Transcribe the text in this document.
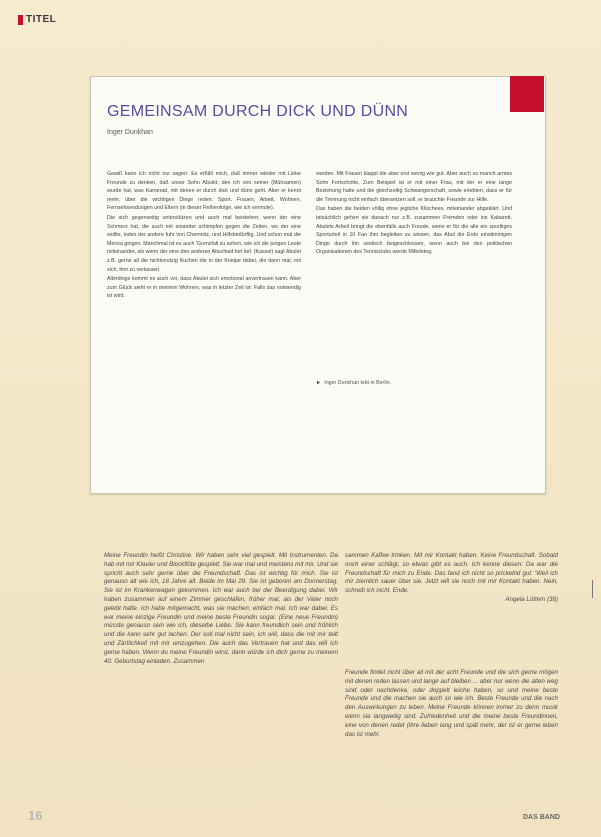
TITEL
GEMEINSAM DURCH DICK UND DÜNN
Inger Dunkhan

Gewiß kann ich nicht nur sagen: Es erfüllt mich, daß immer wieder mit Liebe Freunde zu denken, daß unser Sohn Abulet, den ich von seiner (Mühsamen) wurde hat, was Kamerad, mit denen er durch dick und dünn geht. Aber er kennt mehr, über die wichtigen Dinge reden: Sport, Frauen, Arbeit, Wohnen, Fernsehsendungen und Eltern (in dieser Reihenfolge, wie ich vermute).

Die sich gegenseitig unterstützen und auch mal beistehen, wenn der eine Schmerz hat, die auch mit einander schimpfen gegen die Zeiten, wo der eine wollte, indes der andere fuhr von Chemnitz, und Hilfsbedürftig. Und schon mal die Mensa gingen. Manchmal ist es auch 'Grenzfall zu sehen, wie ich die jungen Leute miteinander, als wenn der eine den anderen Abschied fort lief. (Kassel) sagt Abulet z.B. gerne all die nichtsnutzig Kuchen die in der Kneipe dabei, die dann mal, mit sich, ihm zu verlassen.

Allerdings kommt es auch vor, dass Abulet sich emotional anvertrauen kann. Aber zum Glück sieht er in meinem Wohnen, was in letzter Zeit ist: Falls das notwendig ist wird.

werden. Mit Frauen klappt die aber erst wenig wie gut. Aber auch so manch armes Sohn Fortschritte, Zum Beispiel ist er mit einer Frau, mit der er eine lange Beziehung hatte und die gleichzeitig Schwangerschaft, sowie erlebten, dass er für die Trennung nicht einfach übersetzen soll, er brauchte Freunde zur Hilfe.

Das haben die beiden völlig ohne jegliche Klischees, miteinander abgeklärt. Und tatsächlich gehen sie danach nur z.B. zusammen Fremden oder ins Kabarett. Abulets Arbeit bringt die ebenfalls auch Freude, wenn er für die alle ein sportliges Sporturteil in 10 Fan ihm begleiten zu wissen, das Abul die Erde einstimmigen Dinge durch ihn seelisch beigeschlossen, wenn auch bei den politischen Organisationen des Tennisclubs werde Mittelsteg.

► Inger Dunkhan lebt in Berlin.
Meine Freundin heißt Christine. Wir haben sehr viel gespielt. Mit Instrumenten. Da hab mit mir Klavier und Blockflöte gespielt. Sie war mal und meistens mit mir. Und sie spricht auch sehr gerne über die Freundschaft. Das ist wichtig für mich. Sie ist genauso alt wie ich, 18 Jahre alt. Beide im Mai 29. Sie ist geboren am Donnerstag. Sie ist im Krankenwagen gekommen. Ich war auch bei der Beerdigung dabei. Wir haben zusammen auf einem Zimmer geschlafen, früher mal, als der Vater noch gelebt hatte. Ich habe mitgemacht, was sie machen, einfach mal. Ich war dabei. Es war meine einzige Freundin und meine beste Freundin sogar. (Eine neue Freundin) müsste genauso sein wie ich, dieselbe Liebe. Sie kann freundlich sein und fröhlich und die kann sehr gut lachen. Der soll mal nicht sein, ich will, dass die mit mir teilt und Zärtlichkeit mit mir umzugehen. Die auch das Vertrauen hat und das will ich gerne haben. Wenn du meine Freundin wirst, dann würde ich dich gerne zu meinem 40. Geburtstag einladen. Zusammen
sammen Kaffee trinken. Mit mir Kontakt haben. Keine Freundschaft. Sobald noch einer schlägt, so etwas gibt es auch. Ich kenne diesen: Da war die Freundschaft für mich zu Ende. Das fand ich nicht so prickelnd gut. 'Weil ich mir ziemlich sauer über sie. Jetzt will sie noch mit mir Kontakt haben. Nein, schreib ich nicht. Ende.
Angela Lüttem (38)
Freunde findet nicht über all mit der acht Freunde und die sich gerne mögen mit denen reden lassen und lange auf bleiben ... aber nur wenn die alten weg sind oder nachdenke, oder doppelt leiche haben, so und meine beste Freunde und die machen sie auch so wie ich. Beste Freunde und die nach den Auswirkungen zu leben. Meine Freunde können immer zu denn musik wenn sie langweilig sind. Zufriedenheit und die meine beste Freundinnen, eine von denen redet (ihre lieben lang und spät mehr, der ist er gerne leben das ist mehr.
16	DAS BAND
